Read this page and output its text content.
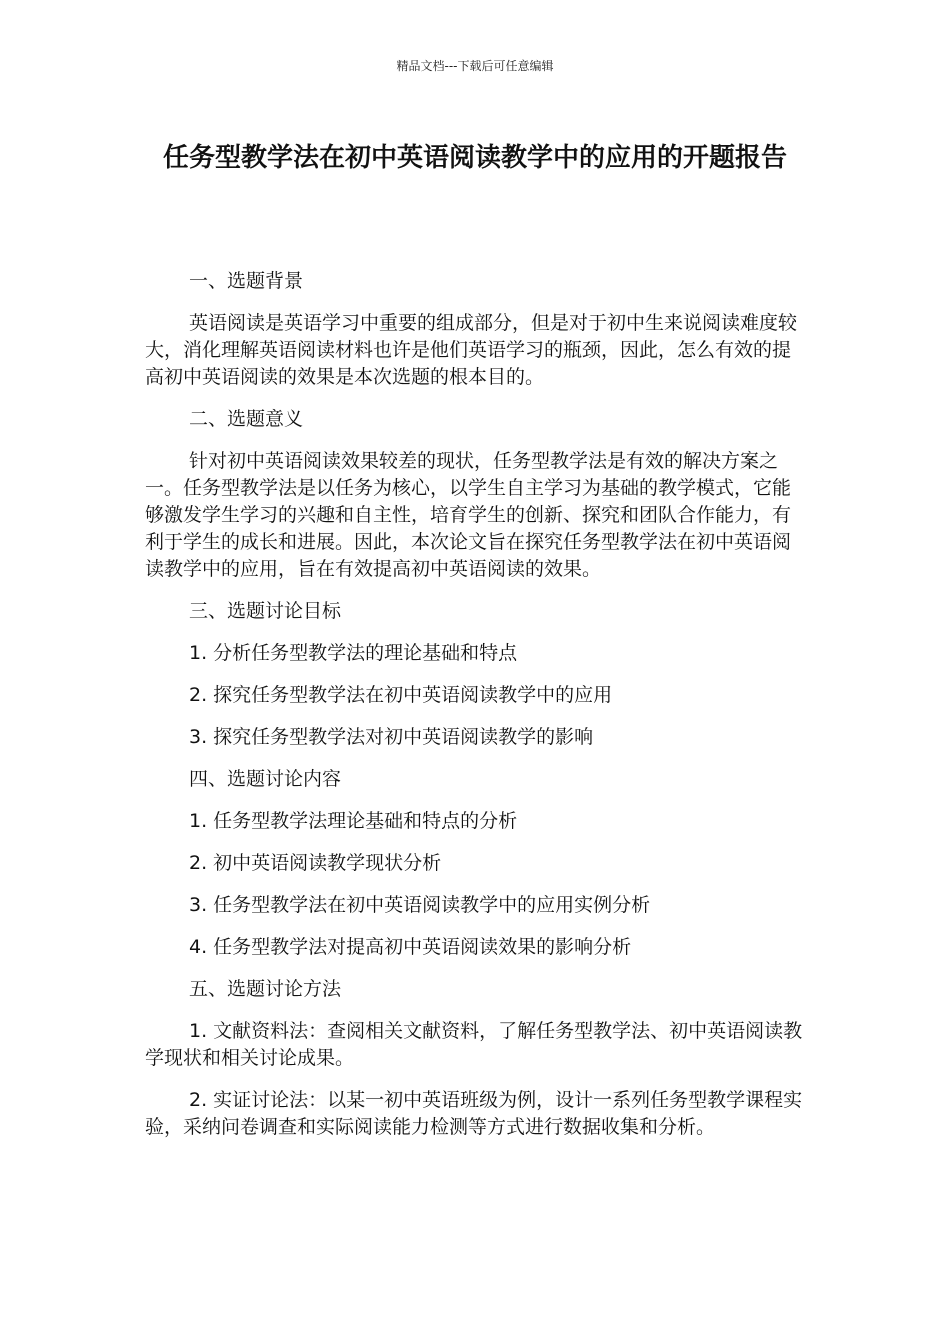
精品文档---下载后可任意编辑
任务型教学法在初中英语阅读教学中的应用的开题报告

一、选题背景

英语阅读是英语学习中重要的组成部分，但是对于初中生来说阅读难度较大，消化理解英语阅读材料也许是他们英语学习的瓶颈，因此，怎么有效的提高初中英语阅读的效果是本次选题的根本目的。

二、选题意义

针对初中英语阅读效果较差的现状，任务型教学法是有效的解决方案之一。任务型教学法是以任务为核心，以学生自主学习为基础的教学模式，它能够激发学生学习的兴趣和自主性，培育学生的创新、探究和团队合作能力，有利于学生的成长和进展。因此，本次论文旨在探究任务型教学法在初中英语阅读教学中的应用，旨在有效提高初中英语阅读的效果。

三、选题讨论目标

1. 分析任务型教学法的理论基础和特点

2. 探究任务型教学法在初中英语阅读教学中的应用

3. 探究任务型教学法对初中英语阅读教学的影响

四、选题讨论内容

1. 任务型教学法理论基础和特点的分析

2. 初中英语阅读教学现状分析

3. 任务型教学法在初中英语阅读教学中的应用实例分析

4. 任务型教学法对提高初中英语阅读效果的影响分析

五、选题讨论方法

1. 文献资料法：查阅相关文献资料，了解任务型教学法、初中英语阅读教学现状和相关讨论成果。

2. 实证讨论法：以某一初中英语班级为例，设计一系列任务型教学课程实验，采纳问卷调查和实际阅读能力检测等方式进行数据收集和分析。
